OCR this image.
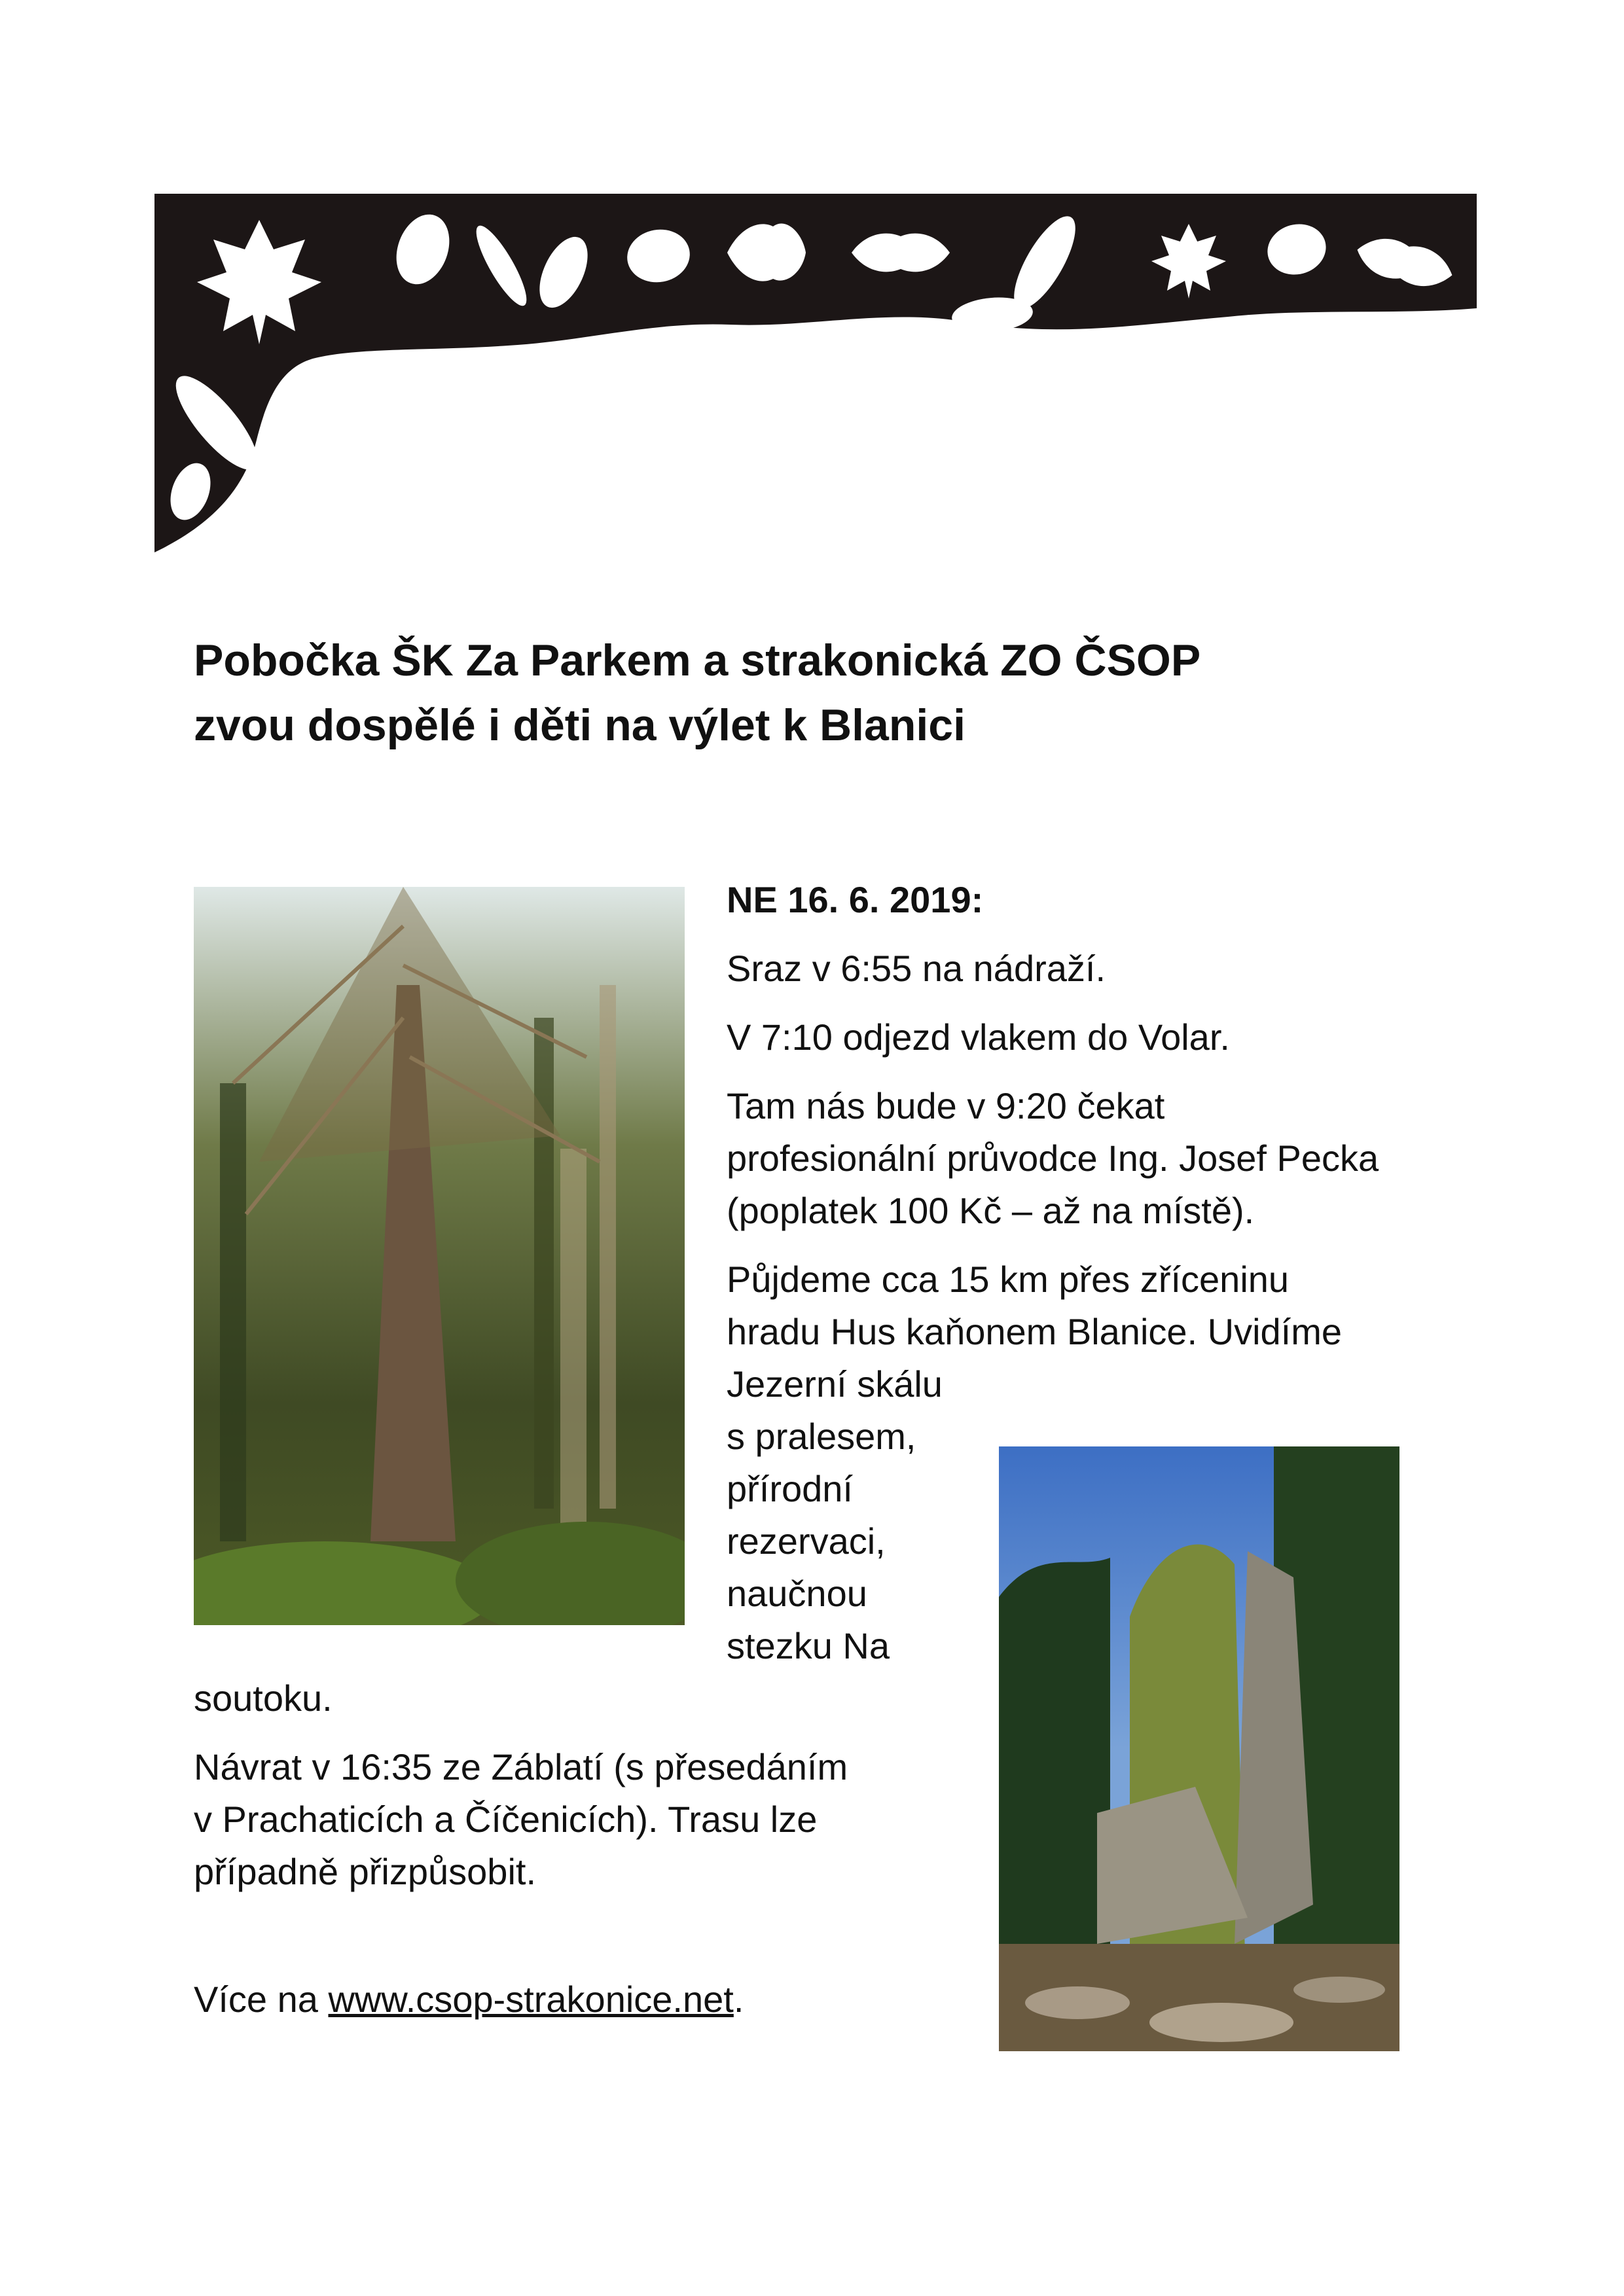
Pobočka ŠK Za Parkem a strakonická ZO ČSOP
zvou dospělé i děti na výlet k Blanici

NE 16. 6. 2019:

Sraz v 6:55 na nádraží.

V 7:10 odjezd vlakem do Volar.

Tam nás bude v 9:20 čekat

profesionální průvodce Ing. Josef Pecka

(poplatek 100 Kč – až na místě).

Půjdeme cca 15 km přes zříceninu

hradu Hus kaňonem Blanice. Uvidíme

Jezerní skálu

s pralesem,

přírodní

rezervaci,

naučnou

stezku Na

soutoku.

Návrat v 16:35 ze Záblatí (s přesedáním

v Prachaticích a Číčenicích). Trasu lze

případně přizpůsobit.

Více na www.csop-strakonice.net.
